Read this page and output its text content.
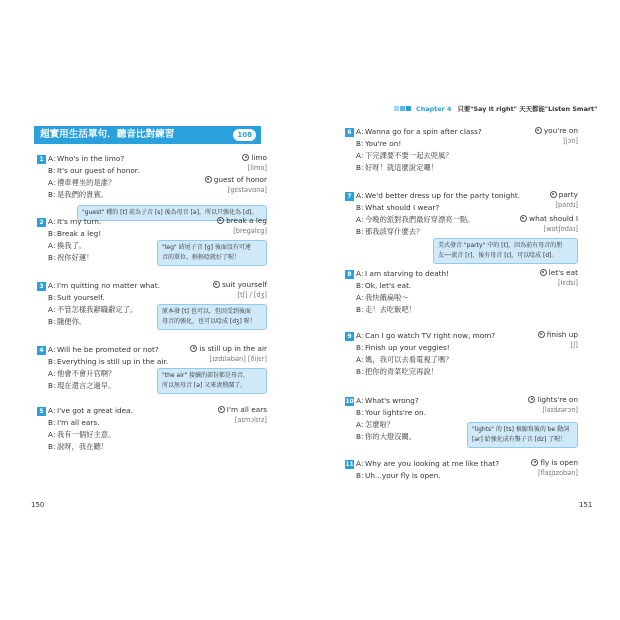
Chapter 4 只要"Say it right" 天天都能"Listen Smart"
超實用生活單句．聽音比對練習	108
1 A：
Who's in the limo?
B：
It's our guest of honor.
A：
禮車裡坐的是誰？
B：
是我們的貴賓。
limo
[limo]
guest of honor
[gɛstəvɑnə]
"guest" 種的 [t] 前為子音 [s] 後為母音 [ə]，所以只強化為 [d]。
2 A：
It's my turn.
B：
Break a leg!
A：
換我了。
B：
祝你好運！
break a leg
[bregəlɛg]
"leg" 結尾子音 [g] 後面沒有可連
音的單位，輕輕唸就好了喔！
3 A：
I'm quitting no matter what.
B：
Suit yourself.
A：
不管怎樣我辭職辭定了。
B：
隨便你。
suit yourself
[tʃ] / [dʒ]
原本發 [t] 也可以，但因受到後面
母音的強化，也可以唸成 [dʒ] 喔！
4 A：
Will he be promoted or not?
B：
Everything is still up in the air.
A：
他會不會升官啊？
B：
現在還言之過早。
is still up in the air
[ɪzdɪləbən] [ðijɛr]
"the air" 接續的部份都是母音，
所以無母音 [ə] 又來湊熱鬧了。
5 A：
I've got a great idea.
B：
I'm all ears.
A：
我有一個好主意。
B：
說呀，我在聽！
I'm all ears
[aɪmɔlɪrz]
6 A：
Wanna go for a spin after class?
B：
You're on!
A：
下完課要不要一起去兜風？
B：
好呀！就這麼說定囉！
you're on
[jɔn]
7 A：
We'd better dress up for the party tonight.
B：
What should I wear?
A：
今晚的派對我們最好穿漂亮一點。
B：
那我該穿什麼去？
party
[pardɪ]
what should I
[wɑtʃʊdaɪ]
美式發音 "party" 中的 [t]，因為前有母音的朋
友──流音 [r]，後有母音 [ɪ]，可以唸成 [d]。
8 A：
I am starving to death!
B：
Ok, let's eat.
A：
我快餓扁啦～
B：
走！去吃飯吧！
let's eat
[lɛdsi]
9 A：
Can I go watch TV right now, mom?
B：
Finish up your veggies!
A：
媽，我可以去看電視了嗎？
B：
把你的青菜吃完再說！
finish up
[ʃ]
10 A：
What's wrong?
B：
Your lights're on.
A：
怎麼啦？
B：
你的大燈沒關。
lights're on
[laɪdzərɔn]
"lights" 的 [ts] 被縮寫後的 be 動詞
[ər] 給強化成有鑿子音 [dz] 了喔！
11 A：
Why are you looking at me like that?
B：
Uh...your fly is open.
fly is open
[flaɪjɪzobən]
150	151
